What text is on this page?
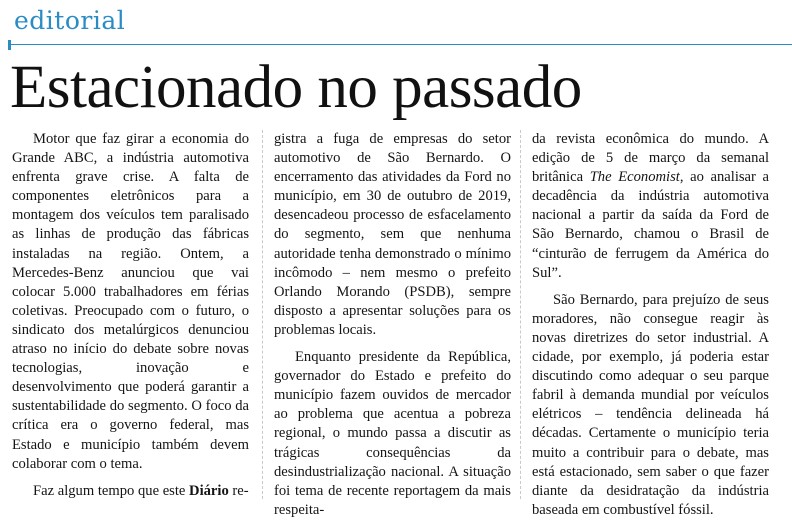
editorial
Estacionado no passado

Motor que faz girar a economia do Grande ABC, a indústria automotiva enfrenta grave crise. A falta de componentes eletrônicos para a montagem dos veículos tem paralisado as linhas de produção das fábricas instaladas na região. Ontem, a Mercedes-Benz anunciou que vai colocar 5.000 trabalhadores em férias coletivas. Preocupado com o futuro, o sindicato dos metalúrgicos denunciou atraso no início do debate sobre novas tecnologias, inovação e desenvolvimento que poderá garantir a sustentabilidade do segmento. O foco da crítica era o governo federal, mas Estado e município também devem colaborar com o tema.

Faz algum tempo que este Diário re-

gistra a fuga de empresas do setor automotivo de São Bernardo. O encerramento das atividades da Ford no município, em 30 de outubro de 2019, desencadeou processo de esfacelamento do segmento, sem que nenhuma autoridade tenha demonstrado o mínimo incômodo – nem mesmo o prefeito Orlando Morando (PSDB), sempre disposto a apresentar soluções para os problemas locais.

Enquanto presidente da República, governador do Estado e prefeito do município fazem ouvidos de mercador ao problema que acentua a pobreza regional, o mundo passa a discutir as trágicas consequências da desindustrialização nacional. A situação foi tema de recente reportagem da mais respeita-

da revista econômica do mundo. A edição de 5 de março da semanal britânica The Economist, ao analisar a decadência da indústria automotiva nacional a partir da saída da Ford de São Bernardo, chamou o Brasil de “cinturão de ferrugem da América do Sul”.

São Bernardo, para prejuízo de seus moradores, não consegue reagir às novas diretrizes do setor industrial. A cidade, por exemplo, já poderia estar discutindo como adequar o seu parque fabril à demanda mundial por veículos elétricos – tendência delineada há décadas. Certamente o município teria muito a contribuir para o debate, mas está estacionado, sem saber o que fazer diante da desidratação da indústria baseada em combustível fóssil.
